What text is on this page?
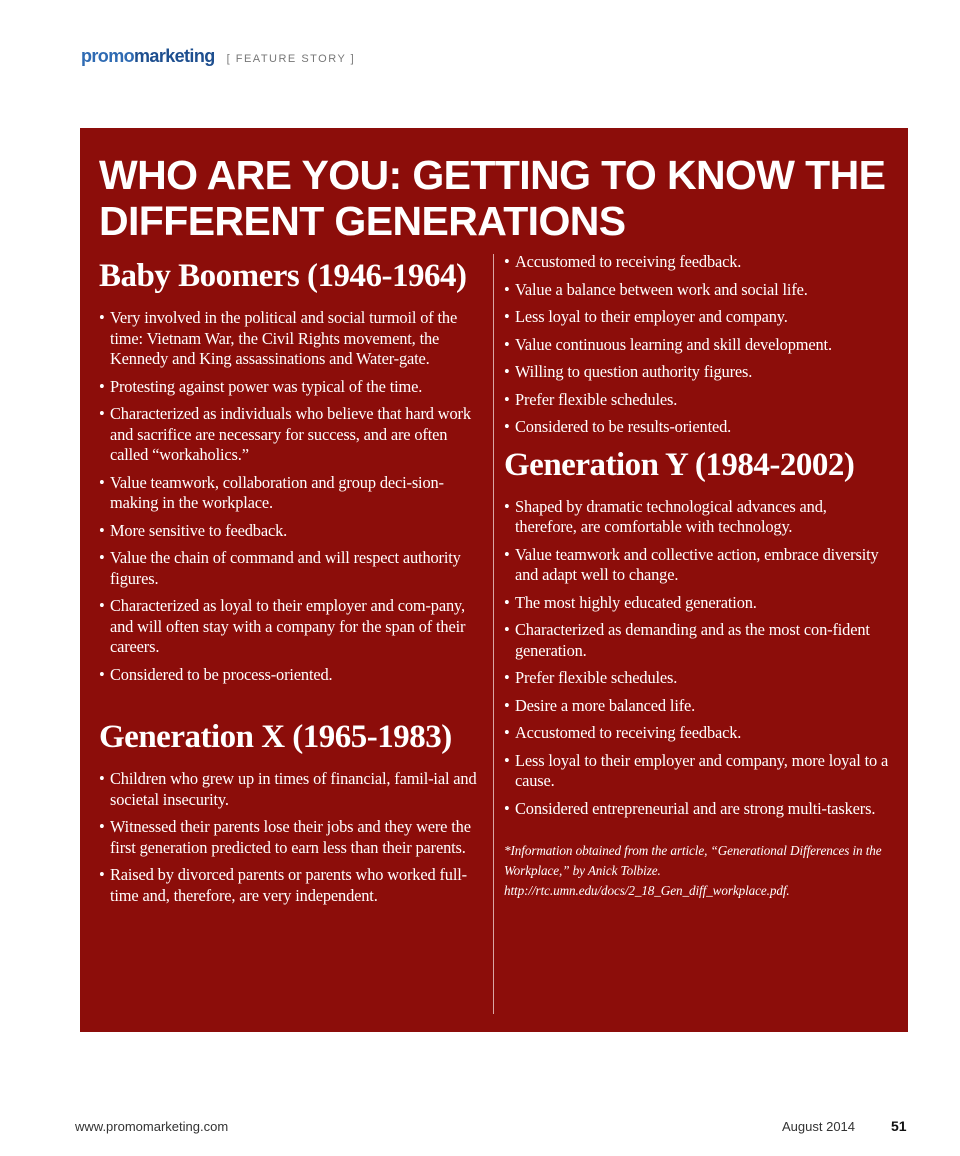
promomarketing [ FEATURE STORY ]
WHO ARE YOU: GETTING TO KNOW THE DIFFERENT GENERATIONS
Baby Boomers (1946-1964)
• Very involved in the political and social turmoil of the time: Vietnam War, the Civil Rights movement, the Kennedy and King assassinations and Water-gate.
• Protesting against power was typical of the time.
• Characterized as individuals who believe that hard work and sacrifice are necessary for success, and are often called “workaholics.”
• Value teamwork, collaboration and group deci-sion-making in the workplace.
• More sensitive to feedback.
• Value the chain of command and will respect authority figures.
• Characterized as loyal to their employer and com-pany, and will often stay with a company for the span of their careers.
• Considered to be process-oriented.
Generation X (1965-1983)
• Children who grew up in times of financial, famil-ial and societal insecurity.
• Witnessed their parents lose their jobs and they were the first generation predicted to earn less than their parents.
• Raised by divorced parents or parents who worked full-time and, therefore, are very independent.
• Accustomed to receiving feedback.
• Value a balance between work and social life.
• Less loyal to their employer and company.
• Value continuous learning and skill development.
• Willing to question authority figures.
• Prefer flexible schedules.
• Considered to be results-oriented.
Generation Y (1984-2002)
• Shaped by dramatic technological advances and, therefore, are comfortable with technology.
• Value teamwork and collective action, embrace diversity and adapt well to change.
• The most highly educated generation.
• Characterized as demanding and as the most con-fident generation.
• Prefer flexible schedules.
• Desire a more balanced life.
• Accustomed to receiving feedback.
• Less loyal to their employer and company, more loyal to a cause.
• Considered entrepreneurial and are strong multi-taskers.
*Information obtained from the article, “Generational Differences in the Workplace,” by Anick Tolbize. http://rtc.umn.edu/docs/2_18_Gen_diff_workplace.pdf.
www.promomarketing.com	August 2014	51
